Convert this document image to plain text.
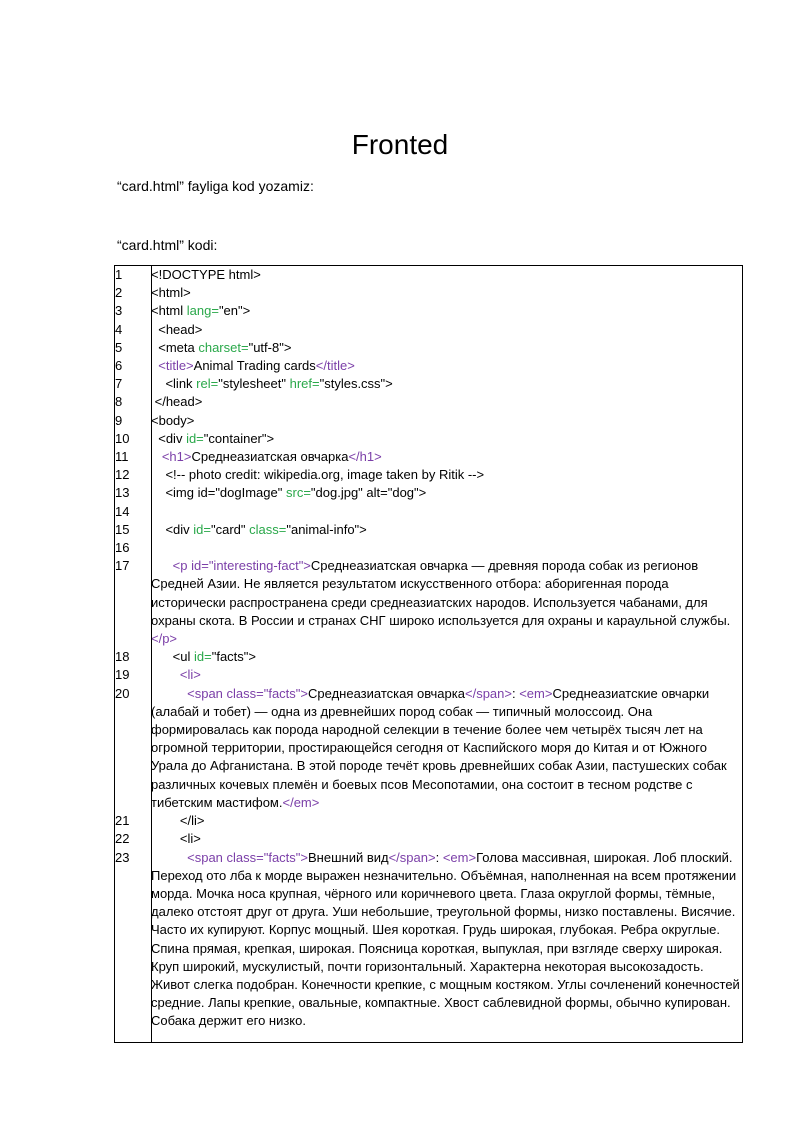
Fronted
“card.html” fayliga kod yozamiz:
“card.html” kodi:
1	<!DOCTYPE html>
2	<html>
3	<html lang="en">
4	<head>
5	<meta charset="utf-8">
6	<title>Animal Trading cards</title>
7	<link rel="stylesheet" href="styles.css">
8	</head>
9	<body>
10	<div id="container">
11	<h1>Среднеазиатская овчарка</h1>
12	<!-- photo credit: wikipedia.org, image taken by Ritik -->
13	<img id="dogImage" src="dog.jpg" alt="dog">
14	
15	<div id="card" class="animal-info">
16	
17	<p id="interesting-fact">Среднеазиатская овчарка — древняя порода собак из регионов Средней Азии. Не является результатом искусственного отбора: аборигенная порода исторически распространена среди среднеазиатских народов. Используется чабанами, для охраны скота. В России и странах СНГ широко используется для охраны и караульной службы.</p>
18	<ul id="facts">
19	<li>
20	<span class="facts">Среднеазиатская овчарка</span>: <em>Среднеазиатские овчарки (алабай и тобет) — одна из древнейших пород собак — типичный молоссоид. Она формировалась как порода народной селекции в течение более чем четырёх тысяч лет на огромной территории, простирающейся сегодня от Каспийского моря до Китая и от Южного Урала до Афганистана. В этой породе течёт кровь древнейших собак Азии, пастушеских собак различных кочевых племён и боевых псов Месопотамии, она состоит в тесном родстве с тибетским мастифом.</em>
21	</li>
22	<li>
23	<span class="facts">Внешний вид</span>: <em>Голова массивная, широкая. Лоб плоский. Переход ото лба к морде выражен незначительно. Объёмная, наполненная на всем протяжении морда. Мочка носа крупная, чёрного или коричневого цвета. Глаза округлой формы, тёмные, далеко отстоят друг от друга. Уши небольшие, треугольной формы, низко поставлены. Висячие. Часто их купируют. Корпус мощный. Шея короткая. Грудь широкая, глубокая. Ребра округлые. Спина прямая, крепкая, широкая. Поясница короткая, выпуклая, при взгляде сверху широкая. Круп широкий, мускулистый, почти горизонтальный. Характерна некоторая высокозадость. Живот слегка подобран. Конечности крепкие, с мощным костяком. Углы сочленений конечностей средние. Лапы крепкие, овальные, компактные. Хвост саблевидной формы, обычно купирован. Собака держит его низко.
